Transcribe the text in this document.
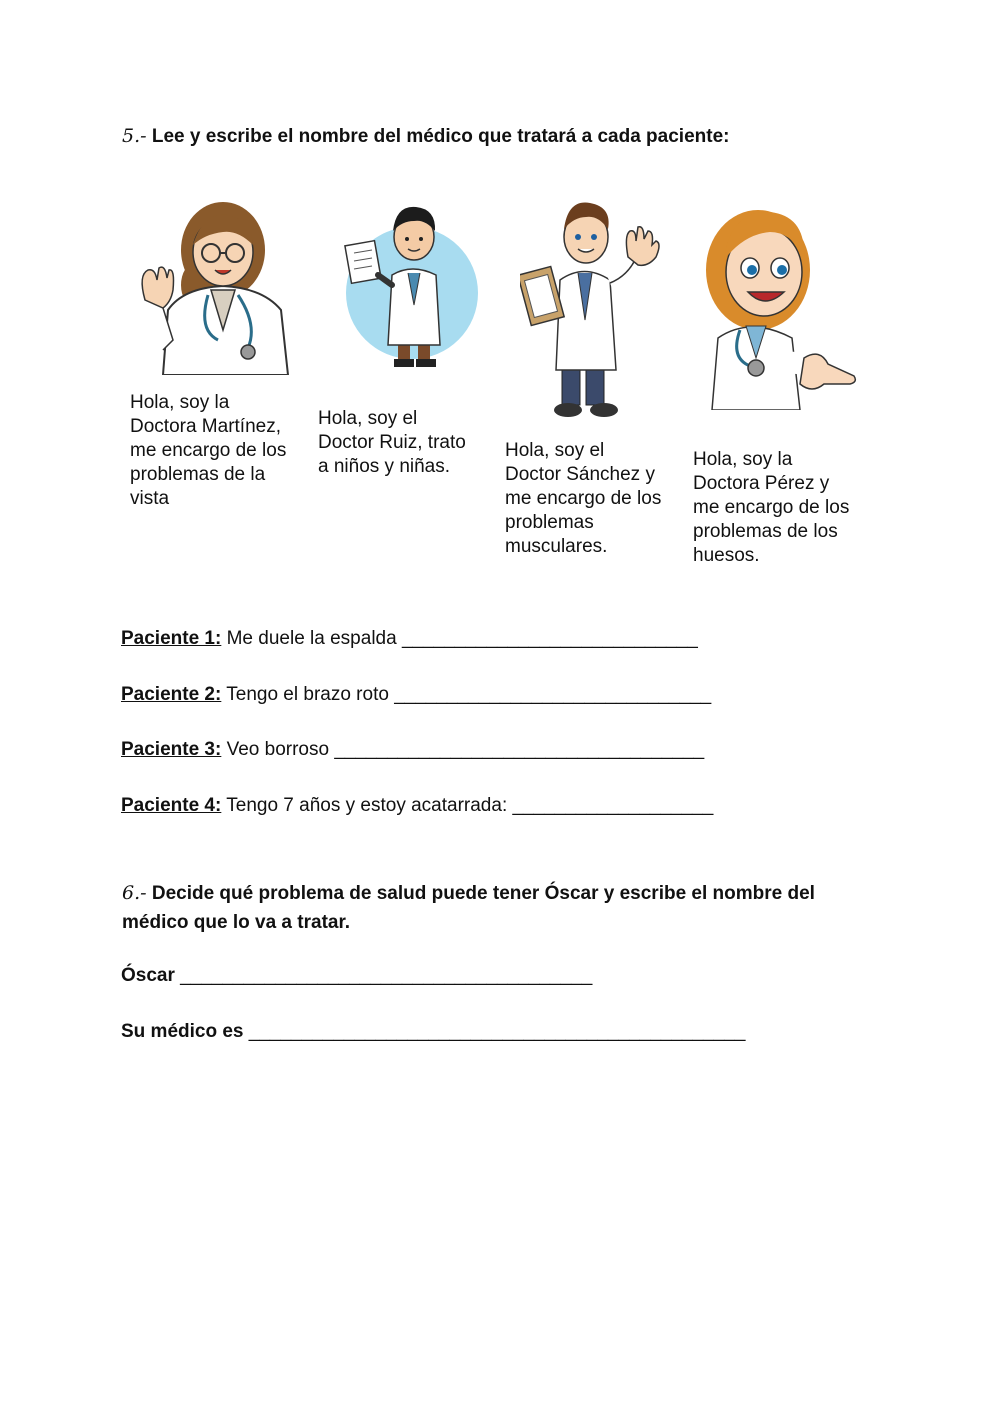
5.- Lee y escribe el nombre del médico que tratará a cada paciente:
Hola, soy la
Doctora Martínez,
me encargo de los
problemas de la
vista
Hola, soy el
Doctor Ruiz, trato
a niños y niñas.
Hola, soy el
Doctor Sánchez y
me encargo de los
problemas
musculares.
Hola, soy la
Doctora Pérez y
me encargo de los
problemas de los
huesos.
Paciente 1: Me duele la espalda ____________________________
Paciente 2: Tengo el brazo roto ______________________________
Paciente 3: Veo borroso ___________________________________
Paciente 4: Tengo 7 años y estoy acatarrada: ___________________
6.- Decide qué problema de salud puede tener Óscar y escribe el nombre del
médico que lo va a tratar.
Óscar _______________________________________
Su médico es _______________________________________________
